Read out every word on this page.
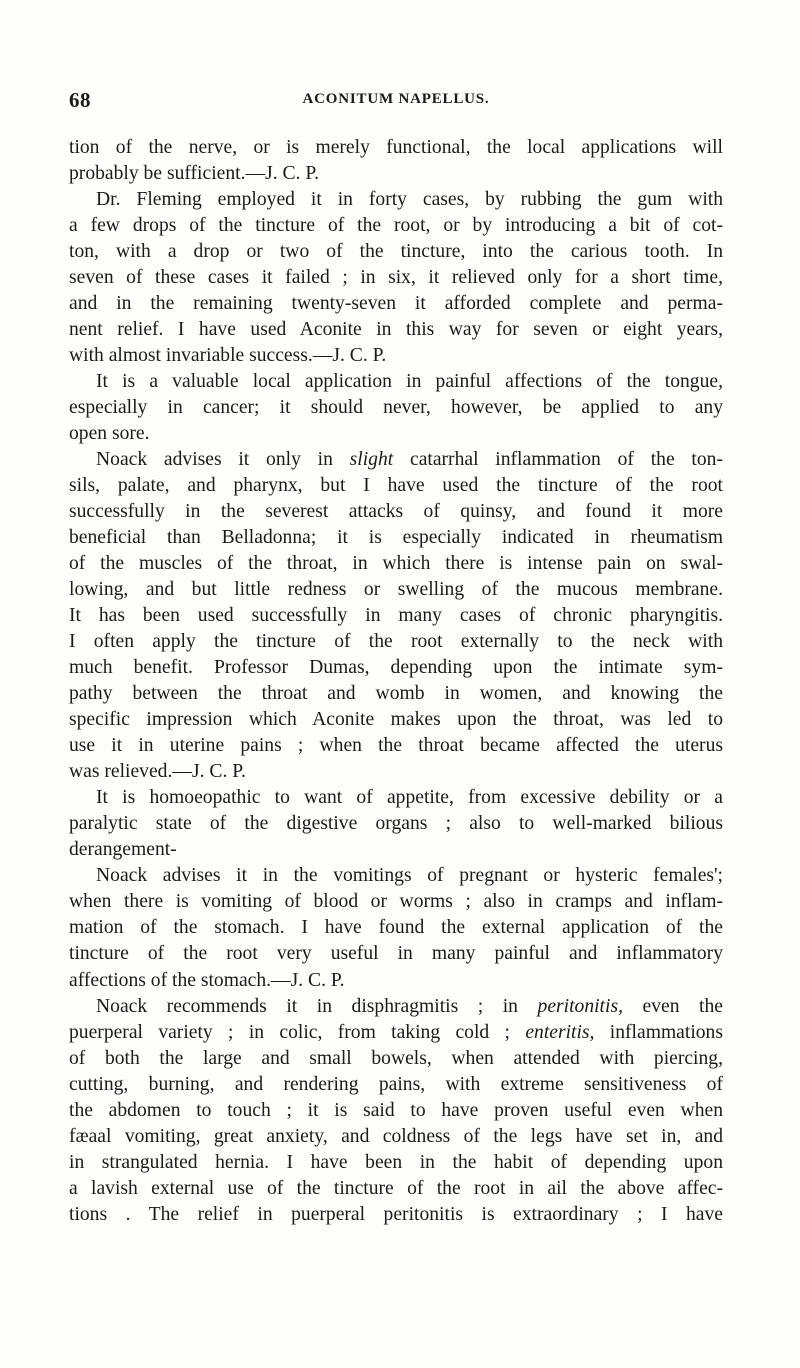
68	ACONITUM NAPELLUS.
tion of the nerve, or is merely functional, the local applications will
probably be sufficient.—J. C. P.
Dr. Fleming employed it in forty cases, by rubbing the gum with
a few drops of the tincture of the root, or by introducing a bit of cot-
ton, with a drop or two of the tincture, into the carious tooth. In
seven of these cases it failed ; in six, it relieved only for a short time,
and in the remaining twenty-seven it afforded complete and perma-
nent relief. I have used Aconite in this way for seven or eight years,
with almost invariable success.—J. C. P.
It is a valuable local application in painful affections of the tongue,
especially in cancer; it should never, however, be applied to any
open sore.
Noack advises it only in slight catarrhal inflammation of the ton-
sils, palate, and pharynx, but I have used the tincture of the root
successfully in the severest attacks of quinsy, and found it more
beneficial than Belladonna; it is especially indicated in rheumatism
of the muscles of the throat, in which there is intense pain on swal-
lowing, and but little redness or swelling of the mucous membrane.
It has been used successfully in many cases of chronic pharyngitis.
I often apply the tincture of the root externally to the neck with
much benefit. Professor Dumas, depending upon the intimate sym-
pathy between the throat and womb in women, and knowing the
specific impression which Aconite makes upon the throat, was led to
use it in uterine pains ; when the throat became affected the uterus
was relieved.—J. C. P.
It is homoeopathic to want of appetite, from excessive debility or a
paralytic state of the digestive organs ; also to well-marked bilious
derangement-
Noack advises it in the vomitings of pregnant or hysteric females';
when there is vomiting of blood or worms ; also in cramps and inflam-
mation of the stomach. I have found the external application of the
tincture of the root very useful in many painful and inflammatory
affections of the stomach.—J. C. P.
Noack recommends it in disphragmitis ; in peritonitis, even the
puerperal variety ; in colic, from taking cold ; enteritis, inflammations
of both the large and small bowels, when attended with piercing,
cutting, burning, and rendering pains, with extreme sensitiveness of
the abdomen to touch ; it is said to have proven useful even when
fæaal vomiting, great anxiety, and coldness of the legs have set in, and
in strangulated hernia. I have been in the habit of depending upon
a lavish external use of the tincture of the root in ail the above affec-
tions . The relief in puerperal peritonitis is extraordinary ; I have
